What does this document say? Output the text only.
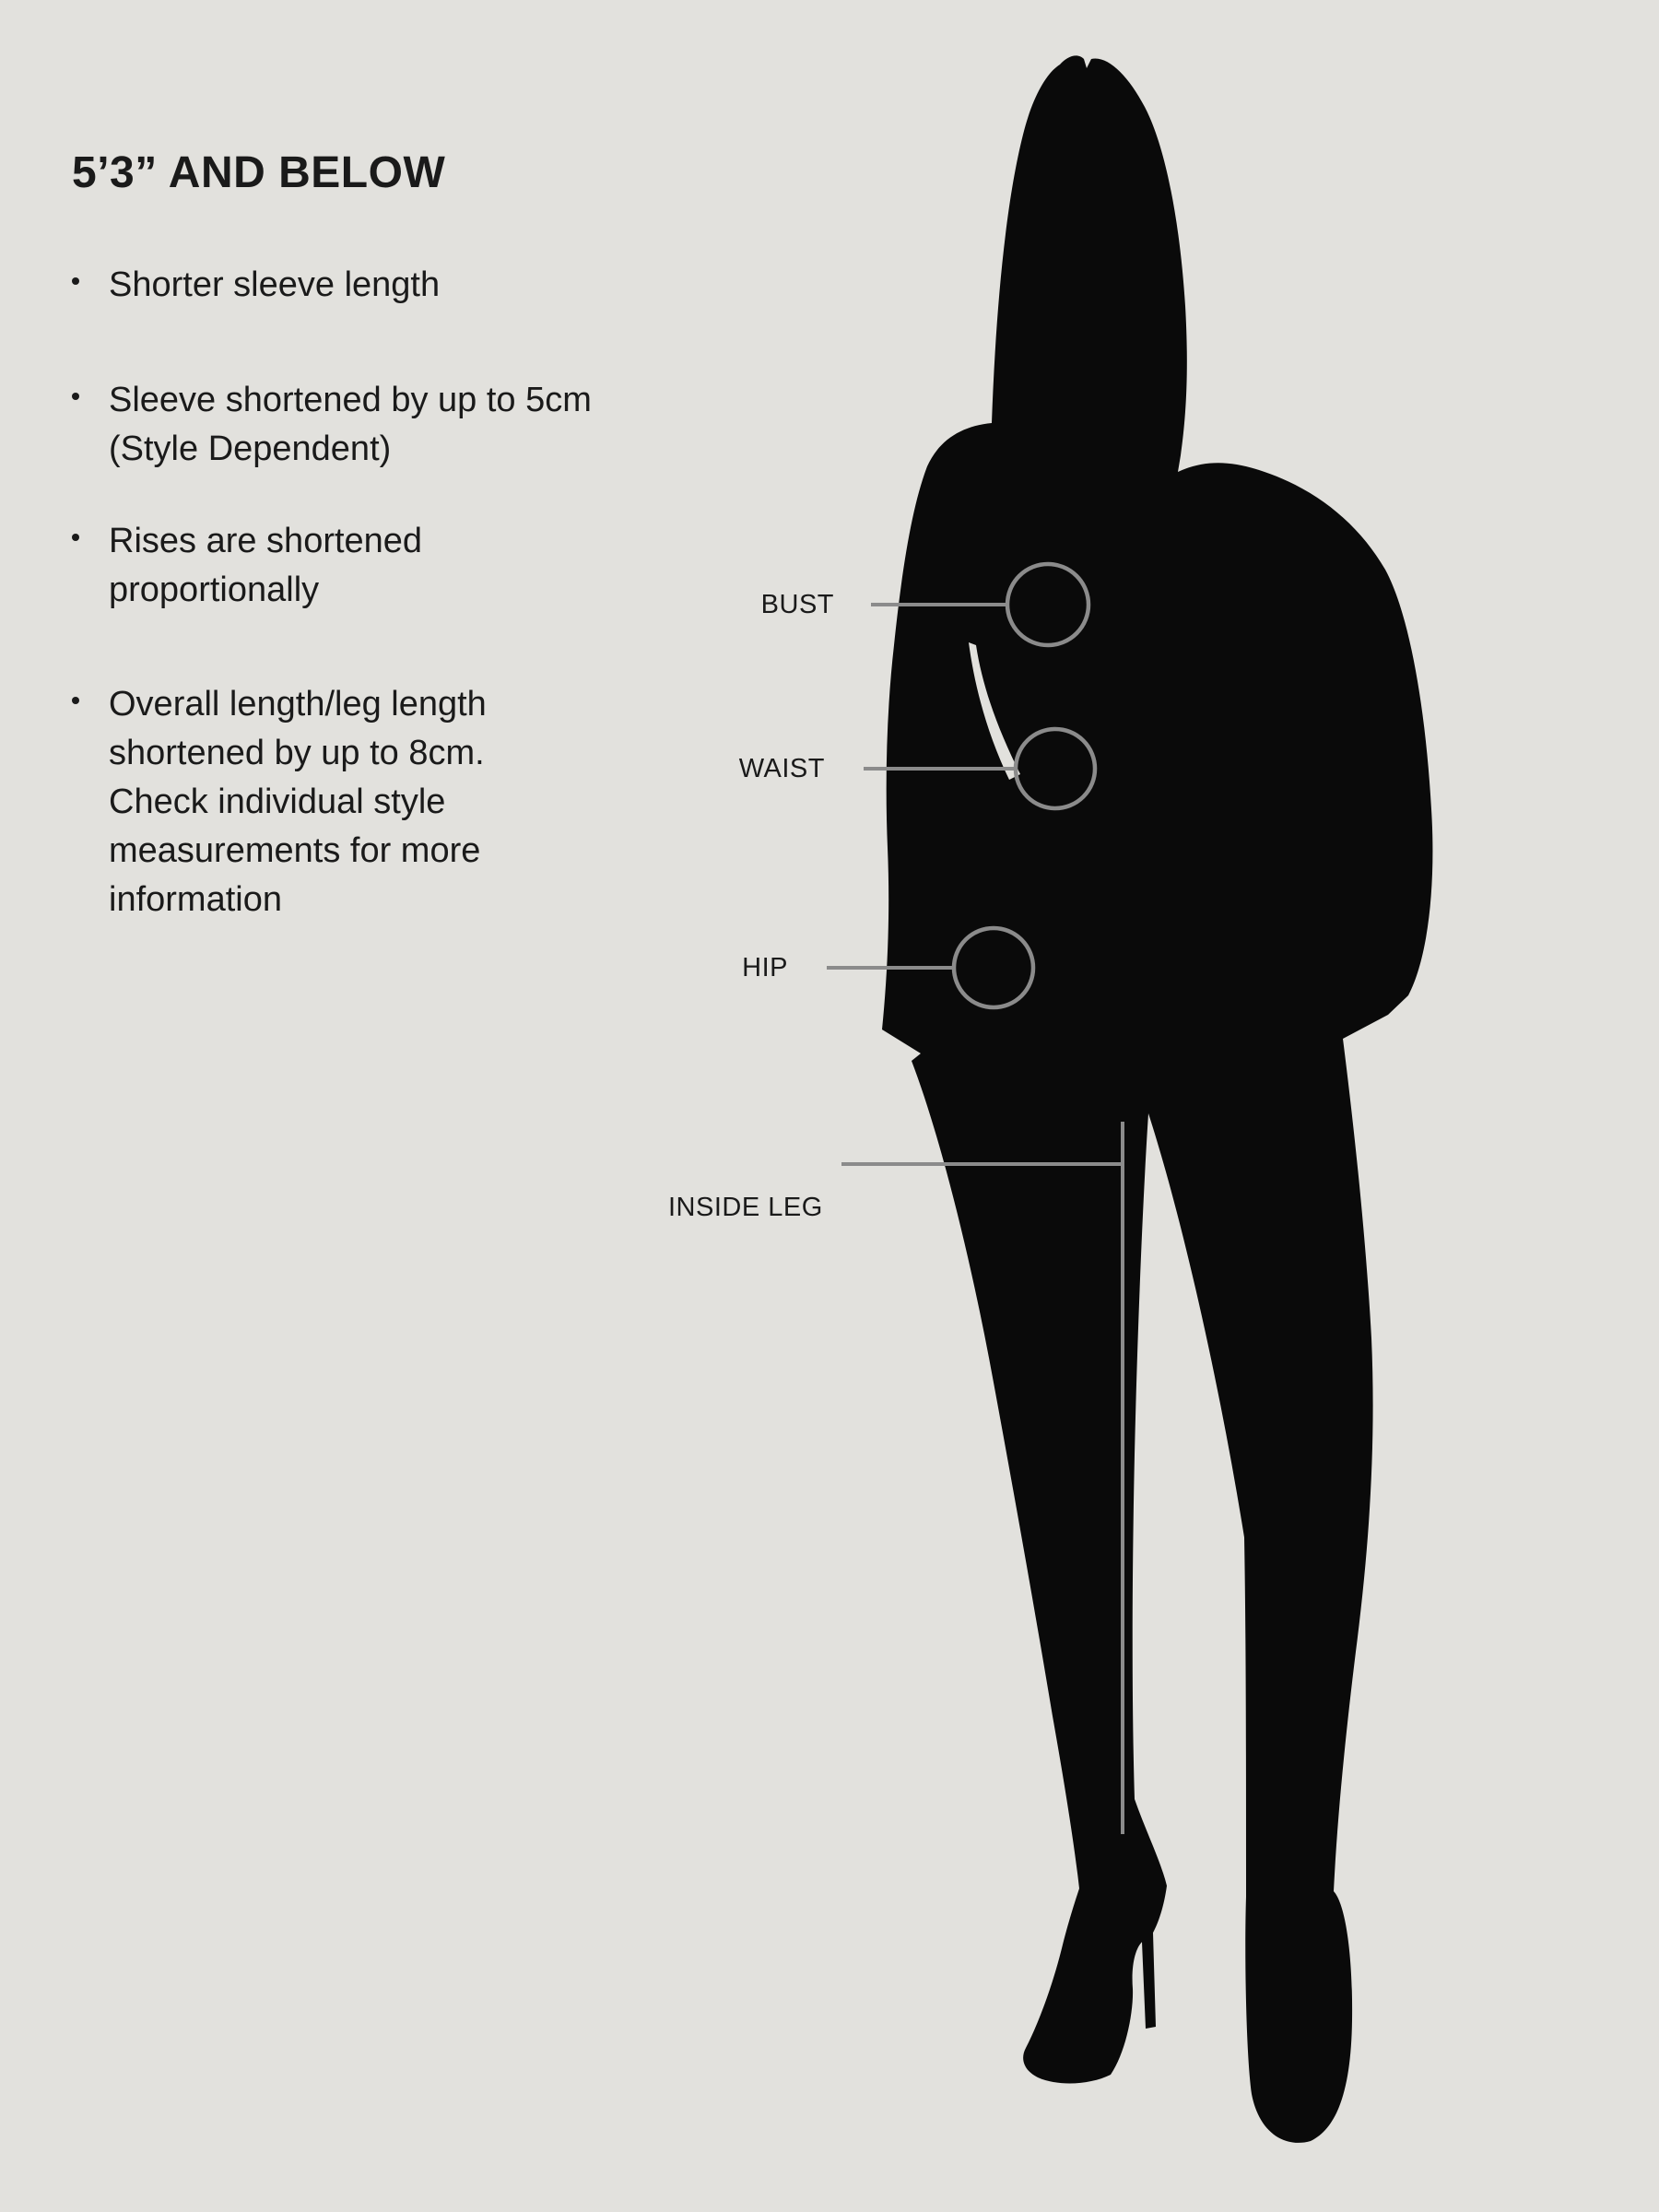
5’3” AND BELOW
Shorter sleeve length
Sleeve shortened by up to 5cm
(Style Dependent)
Rises are shortened
proportionally
Overall length/leg length
shortened by up to 8cm.
Check individual style
measurements for more
information
BUST
WAIST
HIP
INSIDE LEG
